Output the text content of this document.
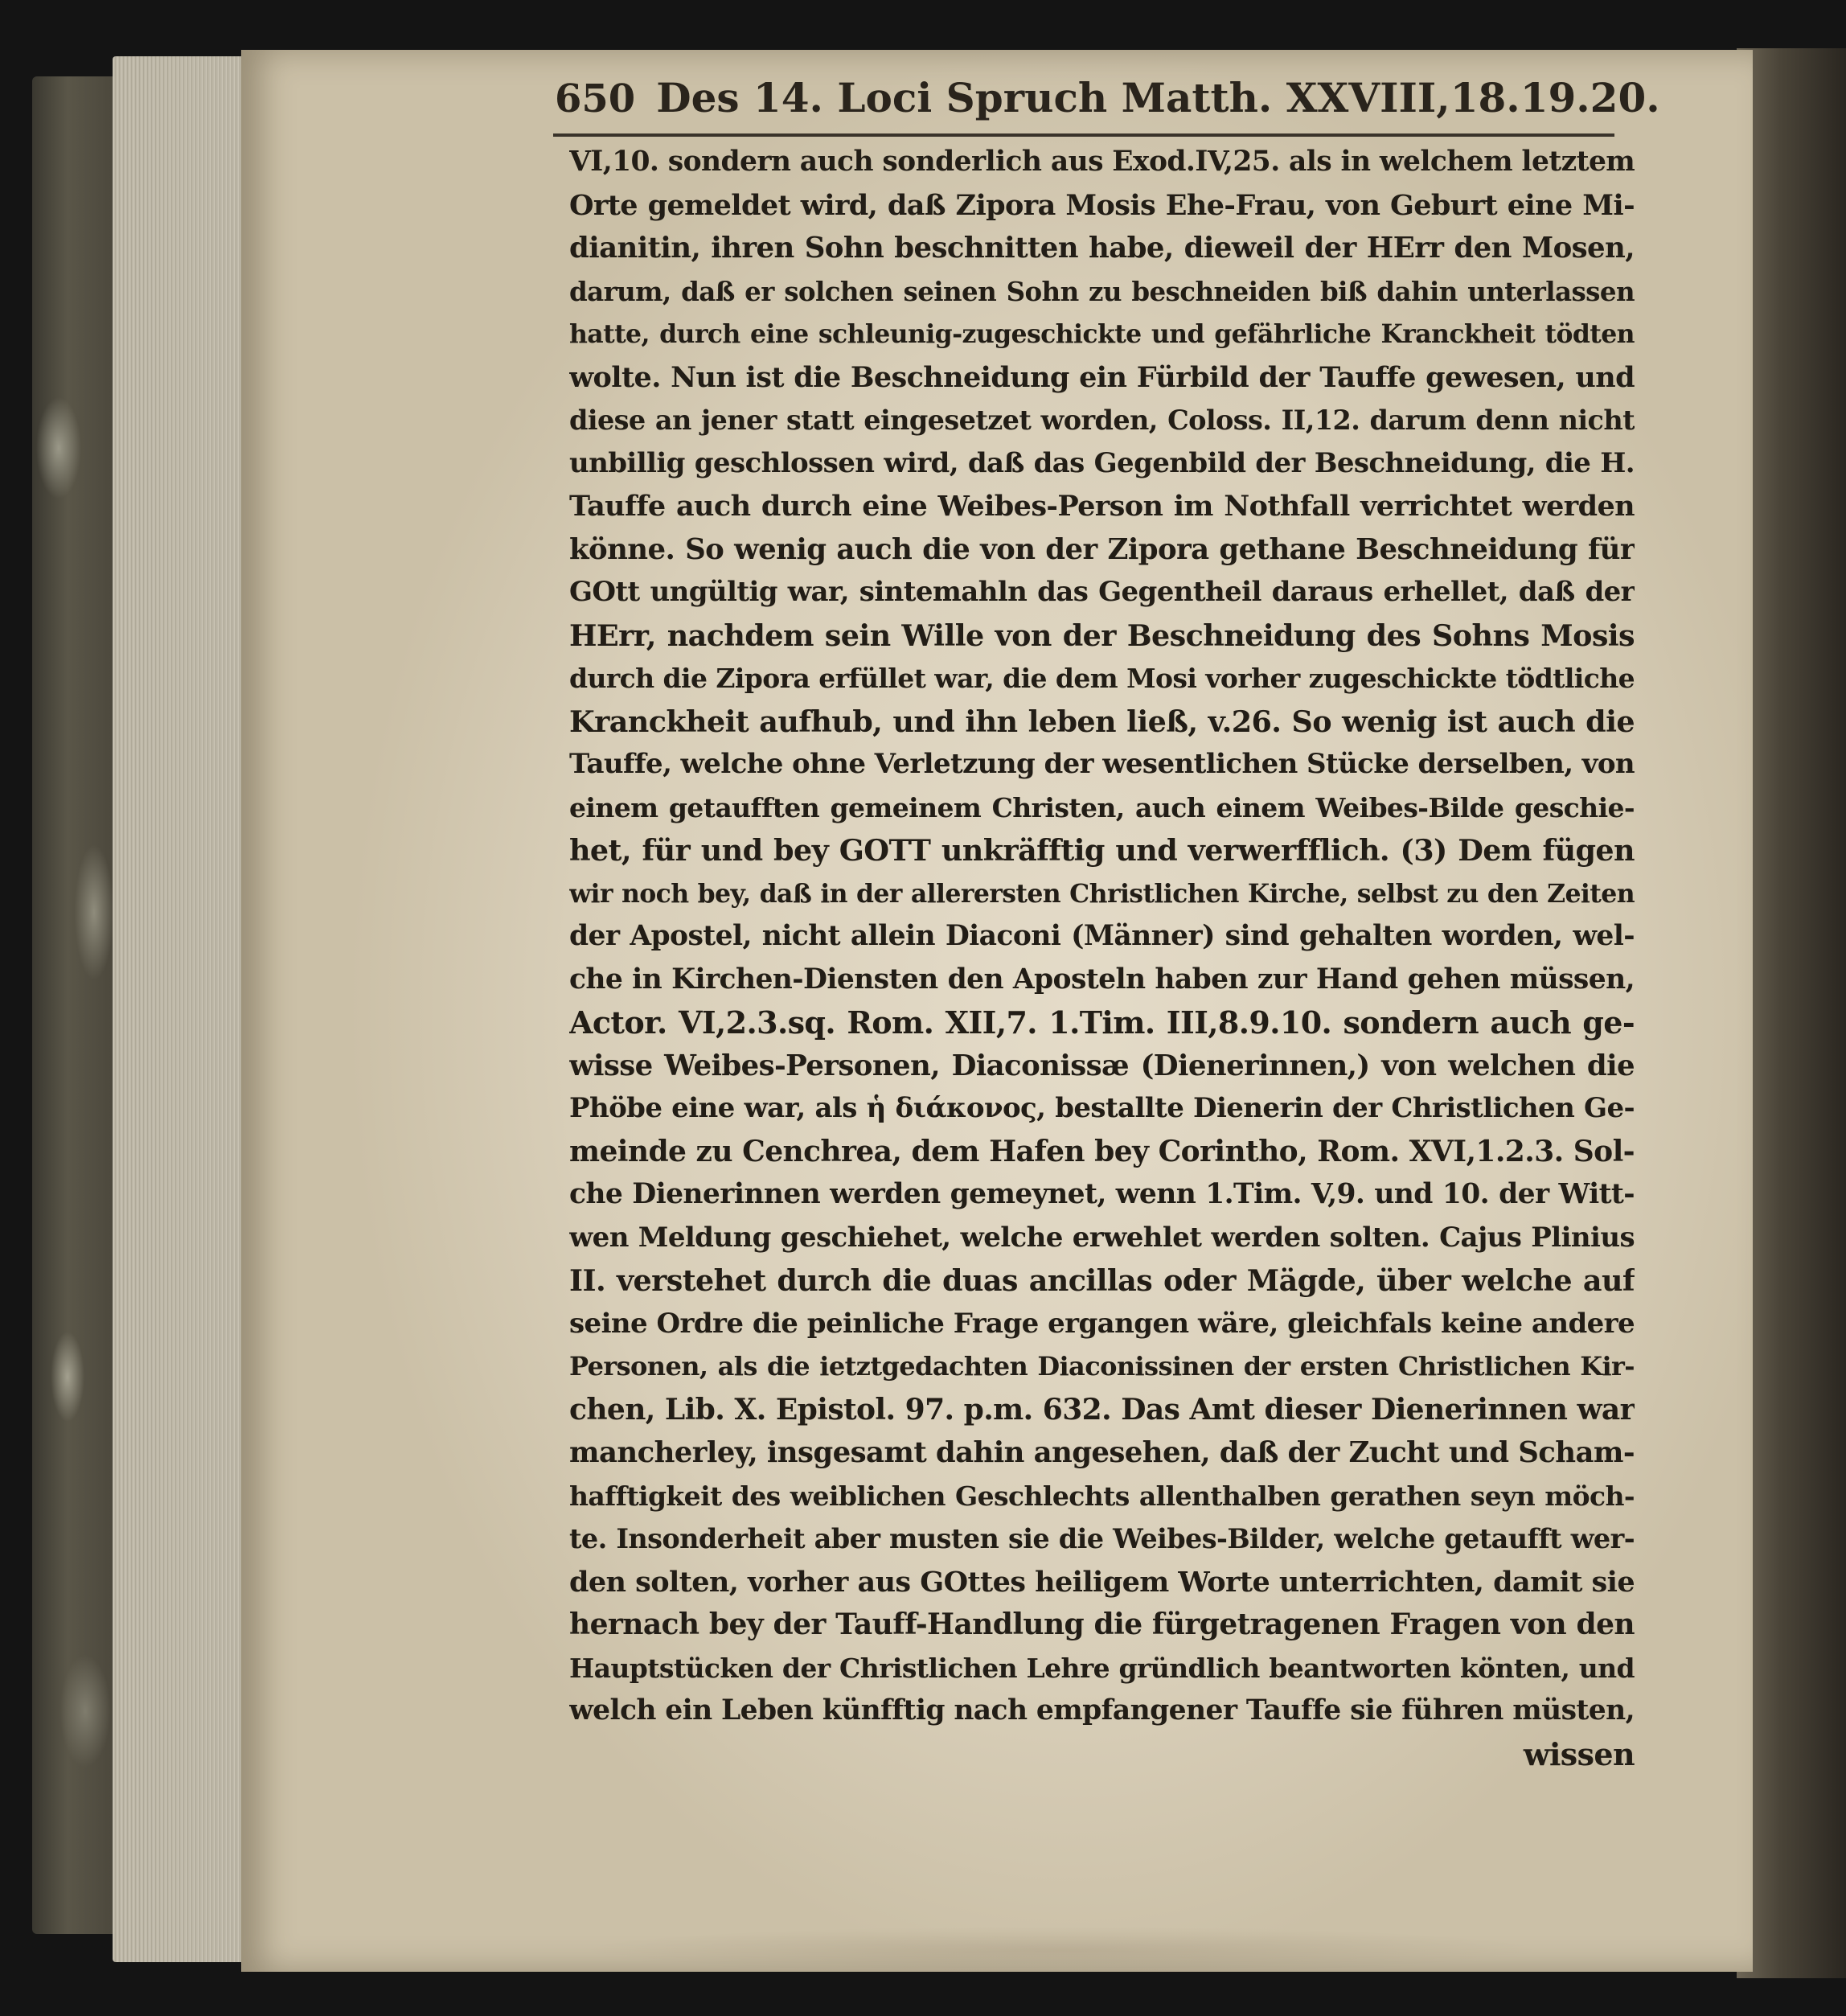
650 Des 14. Loci Spruch Matth. XXVIII,18.19.20.
VI,10. sondern auch sonderlich aus Exod.IV,25. als in welchem letztem
Orte gemeldet wird, daß Zipora Mosis Ehe-Frau, von Geburt eine Mi-
dianitin, ihren Sohn beschnitten habe, dieweil der HErr den Mosen,
darum, daß er solchen seinen Sohn zu beschneiden biß dahin unterlassen
hatte, durch eine schleunig-zugeschickte und gefährliche Kranckheit tödten
wolte. Nun ist die Beschneidung ein Fürbild der Tauffe gewesen, und
diese an jener statt eingesetzet worden, Coloss. II,12. darum denn nicht
unbillig geschlossen wird, daß das Gegenbild der Beschneidung, die H.
Tauffe auch durch eine Weibes-Person im Nothfall verrichtet werden
könne. So wenig auch die von der Zipora gethane Beschneidung für
GOtt ungültig war, sintemahln das Gegentheil daraus erhellet, daß der
HErr, nachdem sein Wille von der Beschneidung des Sohns Mosis
durch die Zipora erfüllet war, die dem Mosi vorher zugeschickte tödtliche
Kranckheit aufhub, und ihn leben ließ, v.26. So wenig ist auch die
Tauffe, welche ohne Verletzung der wesentlichen Stücke derselben, von
einem getaufften gemeinem Christen, auch einem Weibes-Bilde geschie-
het, für und bey GOTT unkräfftig und verwerfflich. (3) Dem fügen
wir noch bey, daß in der allerersten Christlichen Kirche, selbst zu den Zeiten
der Apostel, nicht allein Diaconi (Männer) sind gehalten worden, wel-
che in Kirchen-Diensten den Aposteln haben zur Hand gehen müssen,
Actor. VI,2.3.sq. Rom. XII,7. 1.Tim. III,8.9.10. sondern auch ge-
wisse Weibes-Personen, Diaconissæ (Dienerinnen,) von welchen die
Phöbe eine war, als ἡ διάκονος, bestallte Dienerin der Christlichen Ge-
meinde zu Cenchrea, dem Hafen bey Corintho, Rom. XVI,1.2.3. Sol-
che Dienerinnen werden gemeynet, wenn 1.Tim. V,9. und 10. der Witt-
wen Meldung geschiehet, welche erwehlet werden solten. Cajus Plinius
II. verstehet durch die duas ancillas oder Mägde, über welche auf
seine Ordre die peinliche Frage ergangen wäre, gleichfals keine andere
Personen, als die ietztgedachten Diaconissinen der ersten Christlichen Kir-
chen, Lib. X. Epistol. 97. p.m. 632. Das Amt dieser Dienerinnen war
mancherley, insgesamt dahin angesehen, daß der Zucht und Scham-
hafftigkeit des weiblichen Geschlechts allenthalben gerathen seyn möch-
te. Insonderheit aber musten sie die Weibes-Bilder, welche getaufft wer-
den solten, vorher aus GOttes heiligem Worte unterrichten, damit sie
hernach bey der Tauff-Handlung die fürgetragenen Fragen von den
Hauptstücken der Christlichen Lehre gründlich beantworten könten, und
welch ein Leben künfftig nach empfangener Tauffe sie führen müsten,
wissen
